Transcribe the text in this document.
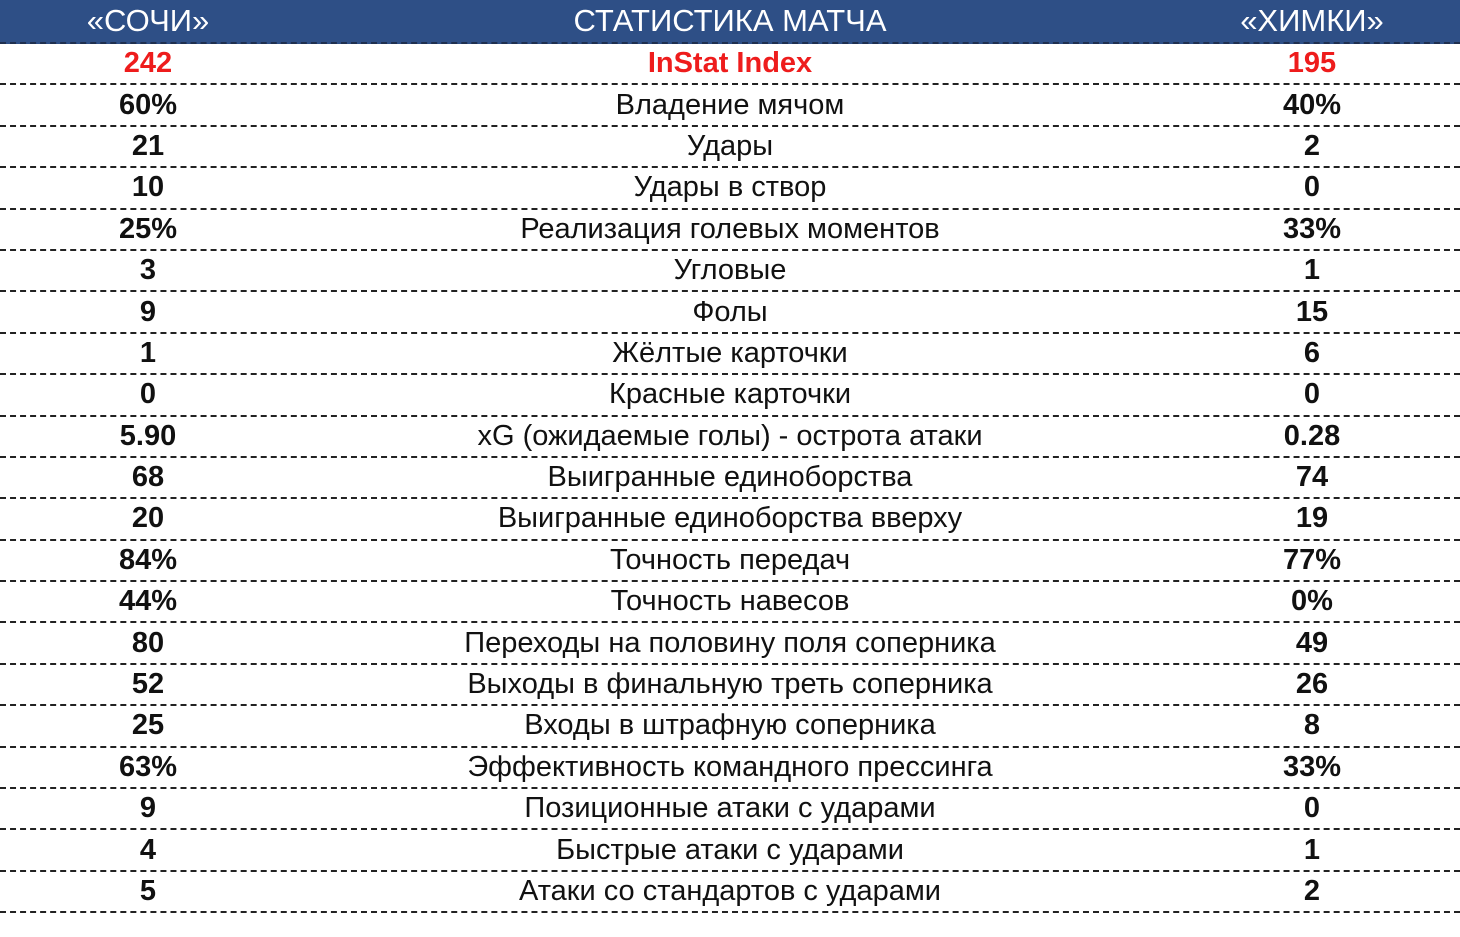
«СОЧИ»	СТАТИСТИКА МАТЧА	«ХИМКИ»
242	InStat Index	195
60%	Владение мячом	40%
21	Удары	2
10	Удары в створ	0
25%	Реализация голевых моментов	33%
3	Угловые	1
9	Фолы	15
1	Жёлтые карточки	6
0	Красные карточки	0
5.90	xG (ожидаемые голы) - острота атаки	0.28
68	Выигранные единоборства	74
20	Выигранные единоборства вверху	19
84%	Точность передач	77%
44%	Точность навесов	0%
80	Переходы на половину поля соперника	49
52	Выходы в финальную треть соперника	26
25	Входы в штрафную соперника	8
63%	Эффективность командного прессинга	33%
9	Позиционные атаки с ударами	0
4	Быстрые атаки с ударами	1
5	Атаки со стандартов с ударами	2
